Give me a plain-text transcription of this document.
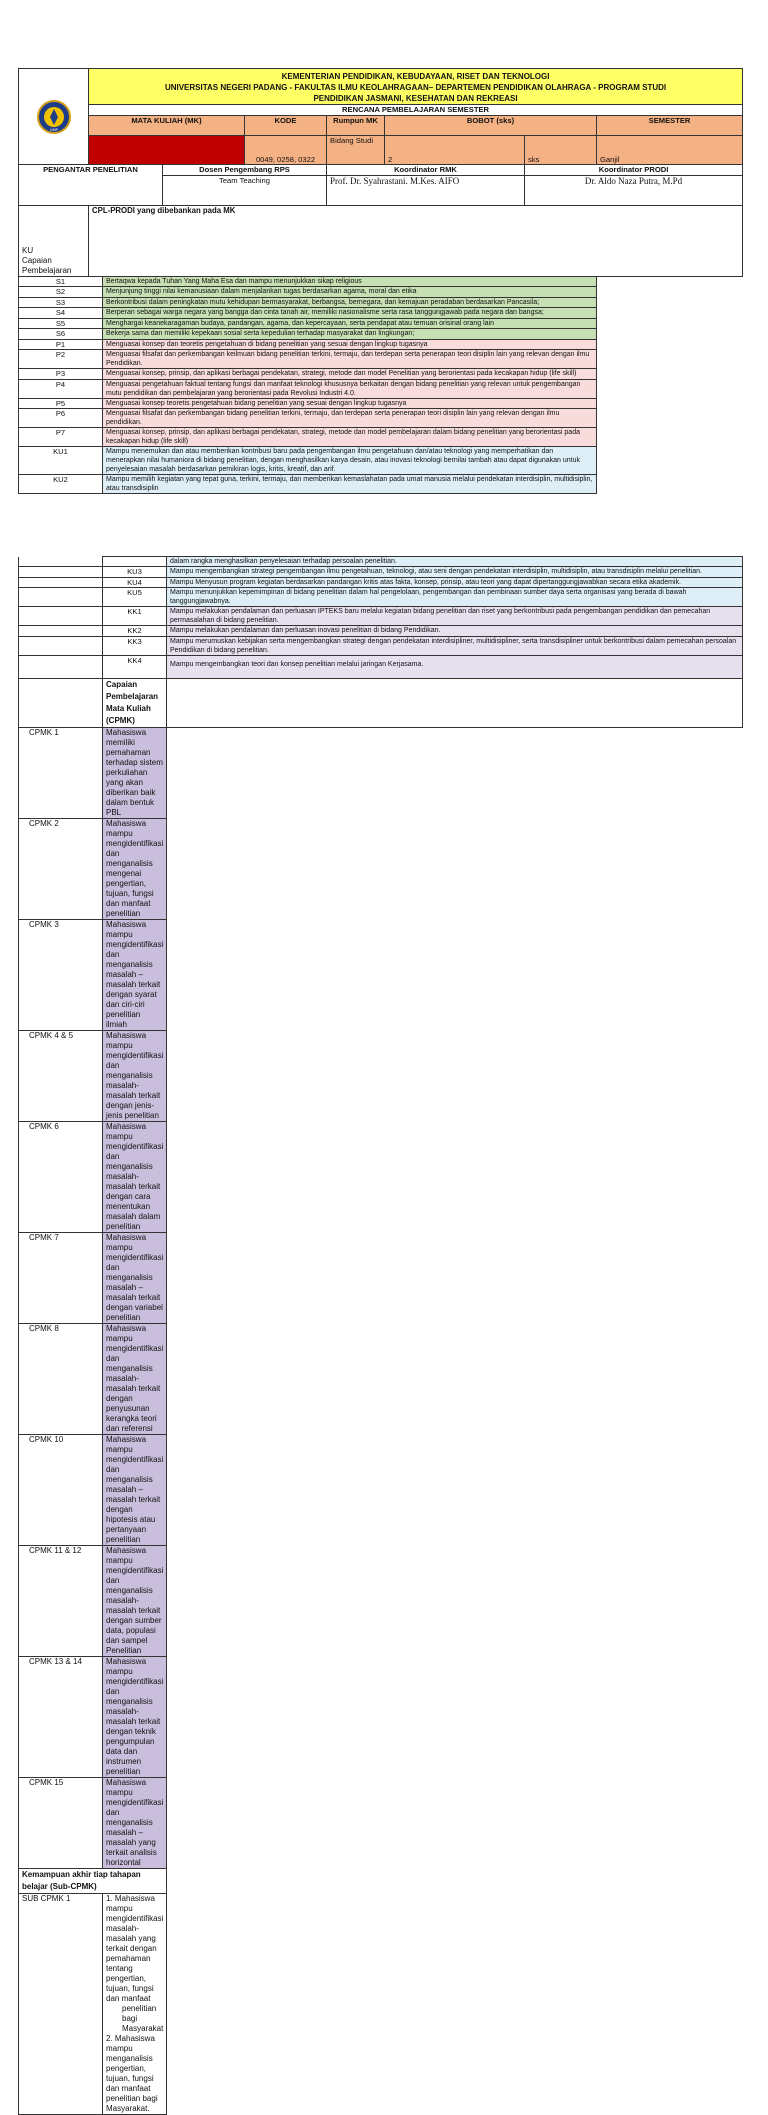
UNP	KEMENTERIAN PENDIDIKAN, KEBUDAYAAN, RISET DAN TEKNOLOGI
UNIVERSITAS NEGERI PADANG - FAKULTAS ILMU KEOLAHRAGAAN– DEPARTEMEN PENDIDIKAN OLAHRAGA - PROGRAM STUDI
PENDIDIKAN JASMANI, KESEHATAN DAN REKREASI								

	RENCANA PEMBELAJARAN SEMESTER								
	MATA KULIAH (MK)			KODE	Rumpun MK	BOBOT (sks)		SEMESTER	
				0049, 0258, 0322	Bidang Studi	2	sks	Ganjil	
PENGANTAR PENELITIAN			Dosen Pengembang RPS		Koordinator RMK		Koordinator PRODI		
			Team Teaching		Prof. Dr. Syahrastani. M.Kes. AIFO		Dr. Aldo Naza Putra, M.Pd		

KU
Capaian
Pembelajaran	CPL-PRODI yang dibebankan pada MK								
S1		Bertaqwa kepada Tuhan Yang Maha Esa dan mampu menunjukkan sikap religious							
S2		Menjunjung tinggi nilai kemanusiaan dalam menjalankan tugas berdasarkan agama, moral dan etika							
S3		Berkontribusi dalam peningkatan mutu kehidupan bermasyarakat, berbangsa, bernegara, dan kemajuan peradaban berdasarkan Pancasila;							
S4		Berperan sebagai warga negara yang bangga dan cinta tanah air, memiliki nasionalisme serta rasa tanggungjawab pada negara dan bangsa;							
S5		Menghargai keanekaragaman budaya, pandangan, agama, dan kepercayaan, serta pendapat atau temuan orisinal orang lain							
S6		Bekerja sama dan memiliki kepekaan sosial serta kepedulian terhadap masyarakat dan lingkungan;							
P1		Menguasai konsep dan teoretis pengetahuan di bidang penelitian yang sesuai dengan lingkup tugasnya							
P2		Menguasai filsafat dan perkembangan keilmuan bidang penelitian terkini, termaju, dan terdepan serta penerapan teori disiplin lain yang relevan dengan ilmu Pendidikan.							
P3		Menguasai konsep, prinsip, dan aplikasi berbagai pendekatan, strategi, metode dan model Penelitian yang berorientasi pada kecakapan hidup (life skill)							
P4		Menguasai pengetahuan faktual tentang fungsi dan manfaat teknologi khususnya berkaitan dengan bidang penelitian yang relevan untuk pengembangan mutu pendidikan dan pembelajaran yang berorientasi pada Revolusi Industri 4.0.							
P5		Menguasai konsep teoretis pengetahuan bidang penelitian yang sesuai dengan lingkup tugasnya							
P6		Menguasai filsafat dan perkembangan bidang penelitian terkini, termaju, dan terdepan serta penerapan teori disiplin lain yang relevan dengan ilmu pendidikan.							
P7		Menguasai konsep, prinsip, dan aplikasi berbagai pendekatan, strategi, metode dan model pembelajaran dalam bidang penelitian yang berorientasi pada kecakapan hidup (life skill)							
KU1		Mampu menemukan dan atau memberikan kontribusi baru pada pengembangan ilmu pengetahuan dan/atau teknologi yang memperhatikan dan menerapkan nilai humaniora di bidang penelitian, dengan menghasilkan karya desain, atau inovasi teknologi bernilai tambah atau dapat digunakan untuk penyelesaian masalah berdasarkan pemikiran logis, kritis, kreatif, dan arif.							
KU2		Mampu memilih kegiatan yang tepat guna, terkini, termaju, dan memberikan kemaslahatan pada umat manusia melalui pendekatan interdisiplin, multidisiplin, atau transdisiplin							
		dalam rangka menghasilkan penyelesaian terhadap persoalan penelitian.
	KU3	Mampu mengembangkan strategi pengembangan ilmu pengetahuan, teknologi, atau seni dengan pendekatan interdisiplin, multidisiplin, atau transdisiplin melalui penelitian.
	KU4	Mampu Menyusun program kegiatan berdasarkan pandangan kritis atas fakta, konsep, prinsip, atau teori yang dapat dipertanggungjawabkan secara etika akademik.
	KU5	Mampu menunjukkan kepemimpinan di bidang penelitian dalam hal pengelolaan, pengembangan dan pembinaan sumber daya serta organisasi yang berada di bawah tanggungjawabnya.
	KK1	Mampu melakukan pendalaman dan perluasan IPTEKS baru melalui kegiatan bidang penelitian dan riset yang berkontribusi pada pengembangan pendidikan dan pemecahan permasalahan di bidang penelitian.
	KK2	Mampu melakukan pendalaman dan perluasan inovasi penelitian di bidang Pendidikan.
	KK3	Mampu merumuskan kebijakan serta mengembangkan strategi dengan pendekatan interdisipliner, multidisipliner, serta transdisipliner untuk berkontribusi dalam pemecahan persoalan Pendidikan di bidang penelitian.
	KK4	Mampu mengembangkan teori dan konsep penelitian melalui jaringan Kerjasama.
	Capaian Pembelajaran Mata Kuliah (CPMK)	
CPMK 1	Mahasiswa memiliki pemahaman terhadap sistem perkuliahan yang akan diberikan baik dalam bentuk PBL	
CPMK 2	Mahasiswa mampu mengidentifikasi dan menganalisis mengenai pengertian, tujuan, fungsi dan manfaat penelitian	
CPMK 3	Mahasiswa mampu mengidentifikasi dan menganalisis masalah – masalah terkait dengan syarat dan ciri-ciri penelitian ilmiah	
CPMK 4 & 5	Mahasiswa mampu mengidentifikasi dan menganalisis masalah-masalah terkait dengan jenis- jenis penelitian	
CPMK 6	Mahasiswa mampu mengidentifikasi dan menganalisis masalah-masalah terkait dengan cara menentukan masalah dalam penelitian	
CPMK 7	Mahasiswa mampu mengidentifikasi dan menganalisis masalah – masalah terkait dengan variabel penelitian	
CPMK 8	Mahasiswa mampu mengidentifikasi dan menganalisis masalah-masalah terkait dengan penyusunan kerangka teori dan referensi	
CPMK 10	Mahasiswa mampu mengidentifikasi dan menganalisis masalah – masalah terkait dengan hipotesis atau pertanyaan penelitian	
CPMK 11 & 12	Mahasiswa mampu mengidentifikasi dan menganalisis masalah-masalah terkait dengan sumber data, populasi dan sampel Penelitian	
CPMK 13 & 14	Mahasiswa mampu mengidentifikasi dan menganalisis masalah-masalah terkait dengan teknik pengumpulan data dan instrumen penelitian	
CPMK 15	Mahasiswa mampu mengidentifikasi dan menganalisis masalah – masalah yang terkait analisis horizontal	
Kemampuan akhir tiap tahapan belajar (Sub-CPMK)		
SUB CPMK 1	1. Mahasiswa mampu mengidentifikasi masalah- masalah yang terkait dengan pemahaman tentang pengertian, tujuan, fungsi dan manfaat
penelitian bagi Masyarakat
2. Mahasiswa mampu menganalisis pengertian, tujuan, fungsi dan manfaat penelitian bagi Masyarakat.	
